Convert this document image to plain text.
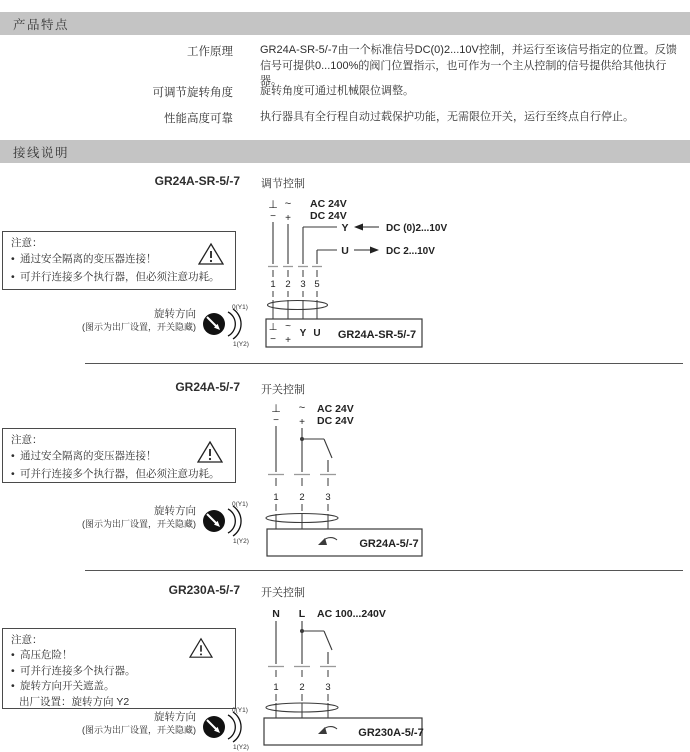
产品特点
工作原理 GR24A-SR-5/-7由一个标准信号DC(0)2...10V控制，并运行至该信号指定的位置。反馈信号可提供0...100%的阀门位置指示，也可作为一个主从控制的信号提供给其他执行器。
可调节旋转角度 旋转角度可通过机械限位调整。
性能高度可靠 执行器具有全行程自动过载保护功能，无需限位开关，运行至终点自行停止。
接线说明
GR24A-SR-5/-7 调节控制
⊥
−
~
+
AC 24V
DC 24V
Y	DC (0)2...10V
U	DC 2...10V
1 2 3 5
⊥
−
~
+
Y U GR24A-SR-5/-7
注意：
• 通过安全隔离的变压器连接！
• 可并行连接多个执行器，但必须注意功耗。
旋转方向
(图示为出厂设置，开关隐藏)
0(Y1)
1(Y2)
GR24A-5/-7 开关控制
⊥
−
~
+
AC 24V
DC 24V
1 2 3
GR24A-5/-7
注意：
• 通过安全隔离的变压器连接！
• 可并行连接多个执行器，但必须注意功耗。
旋转方向
(图示为出厂设置，开关隐藏)
0(Y1)
1(Y2)
GR230A-5/-7 开关控制
N L AC 100...240V
1 2 3
GR230A-5/-7
注意：
• 高压危险！
• 可并行连接多个执行器。
• 旋转方向开关遮盖。
出厂设置：旋转方向 Y2
旋转方向
(图示为出厂设置，开关隐藏)
0(Y1)
1(Y2)
